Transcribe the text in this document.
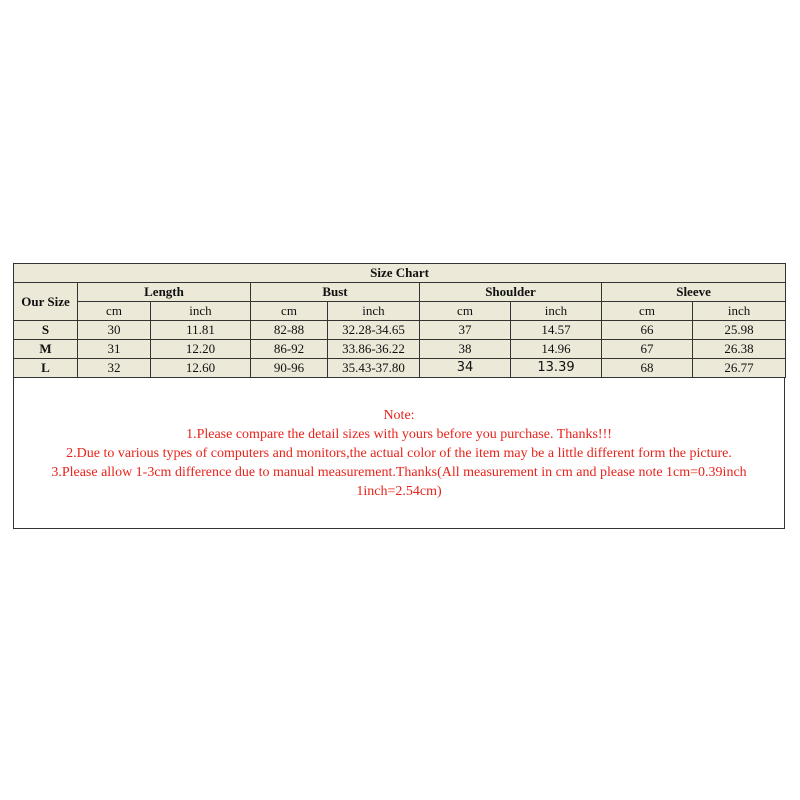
Size Chart								
Our Size	Length		Bust		Shoulder		Sleeve	
	cm	inch	cm	inch	cm	inch	cm	inch
S	30	11.81	82-88	32.28-34.65	37	14.57	66	25.98
M	31	12.20	86-92	33.86-36.22	38	14.96	67	26.38
L	32	12.60	90-96	35.43-37.80	34	13.39	68	26.77
Note:
1.Please compare the detail sizes with yours before you purchase. Thanks!!!
2.Due to various types of computers and monitors,the actual color of the item may be a little different form the picture.
3.Please allow 1-3cm difference due to manual measurement.Thanks(All measurement in cm and please note 1cm=0.39inch 1inch=2.54cm)
